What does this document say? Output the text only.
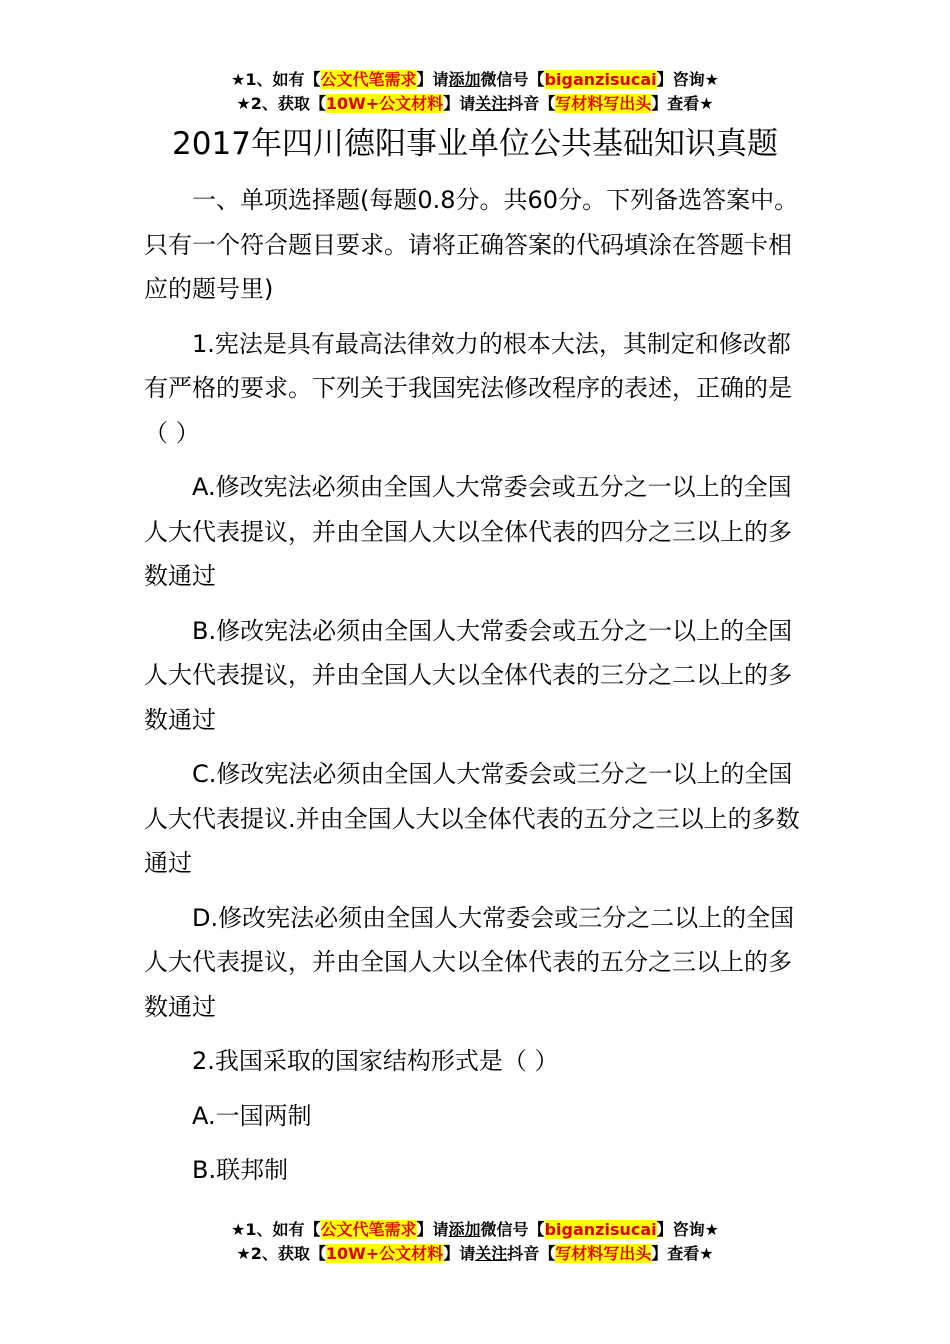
★1、如有【公文代笔需求】请添加微信号【biganzisucai】咨询★
★2、获取【10W+公文材料】请关注抖音【写材料写出头】查看★
2017年四川德阳事业单位公共基础知识真题

一、单项选择题(每题0.8分。共60分。下列备选答案中。只有一个符合题目要求。请将正确答案的代码填涂在答题卡相应的题号里)

1.宪法是具有最高法律效力的根本大法，其制定和修改都有严格的要求。下列关于我国宪法修改程序的表述，正确的是（ ）

A.修改宪法必须由全国人大常委会或五分之一以上的全国人大代表提议，并由全国人大以全体代表的四分之三以上的多数通过

B.修改宪法必须由全国人大常委会或五分之一以上的全国人大代表提议，并由全国人大以全体代表的三分之二以上的多数通过

C.修改宪法必须由全国人大常委会或三分之一以上的全国人大代表提议.并由全国人大以全体代表的五分之三以上的多数通过

D.修改宪法必须由全国人大常委会或三分之二以上的全国人大代表提议，并由全国人大以全体代表的五分之三以上的多数通过

2.我国采取的国家结构形式是（ ）

A.一国两制

B.联邦制

★1、如有【公文代笔需求】请添加微信号【biganzisucai】咨询★
★2、获取【10W+公文材料】请关注抖音【写材料写出头】查看★
